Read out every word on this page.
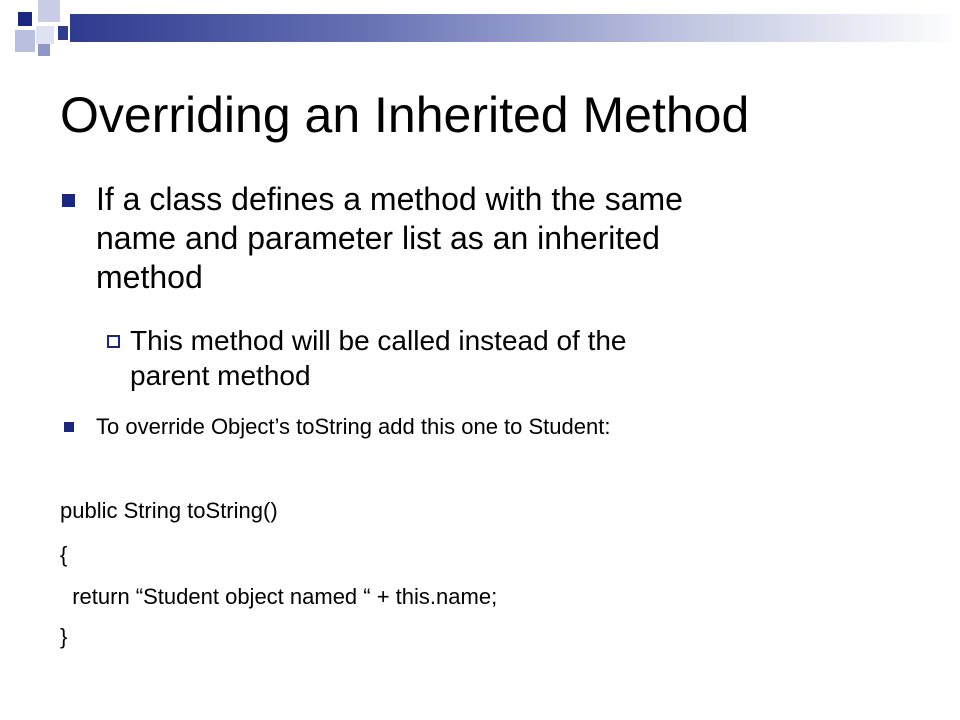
Overriding an Inherited Method
If a class defines a method with the same
name and parameter list as an inherited
method
This method will be called instead of the
parent method
To override Object’s toString add this one to Student:
public String toString()
{
return “Student object named “ + this.name;
}
